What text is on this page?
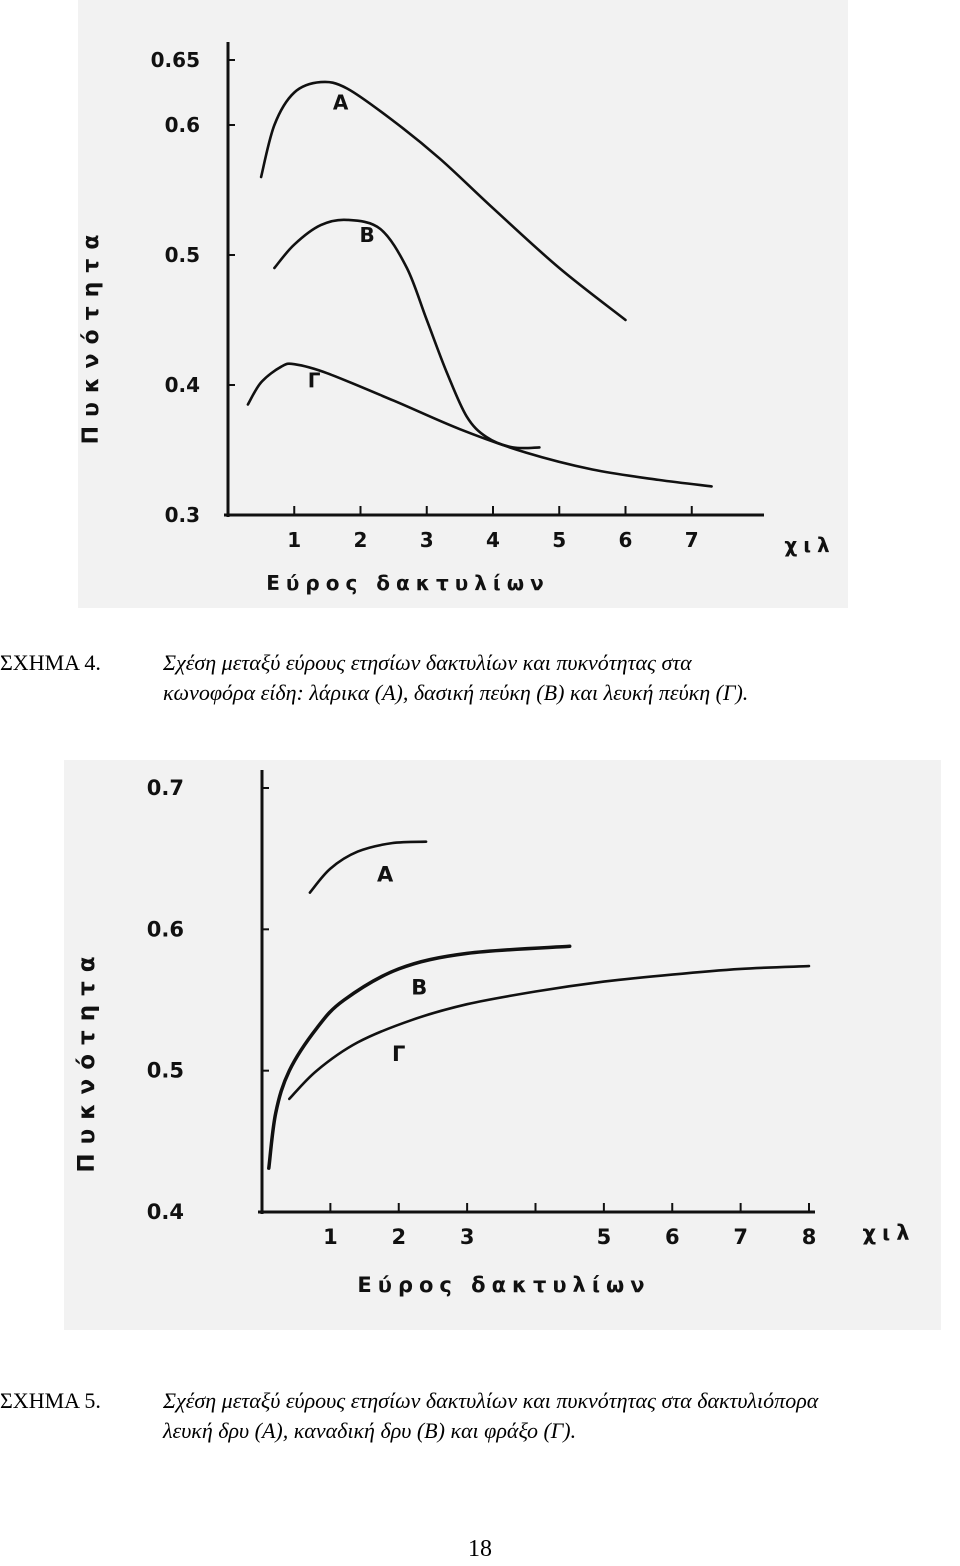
0.3
0.4
0.5
0.6
0.65
1	2	3	4	5	6	7	χιλ
Εύρος δακτυλίων
Πυκνότητα
Α
Β
Γ
ΣΧΗΜΑ 4.	Σχέση μεταξύ εύρους ετησίων δακτυλίων και πυκνότητας στα
κωνοφόρα είδη: λάρικα (Α), δασική πεύκη (Β) και λευκή πεύκη (Γ).
0.4
0.5
0.6
0.7
1	2	3	5	6	7	8 χιλ
Εύρος δακτυλίων
Πυκνότητα
Α
Β
Γ
ΣΧΗΜΑ 5.	Σχέση μεταξύ εύρους ετησίων δακτυλίων και πυκνότητας στα δακτυλιόπορα
λευκή δρυ (Α), καναδική δρυ (Β) και φράξο (Γ).
18
